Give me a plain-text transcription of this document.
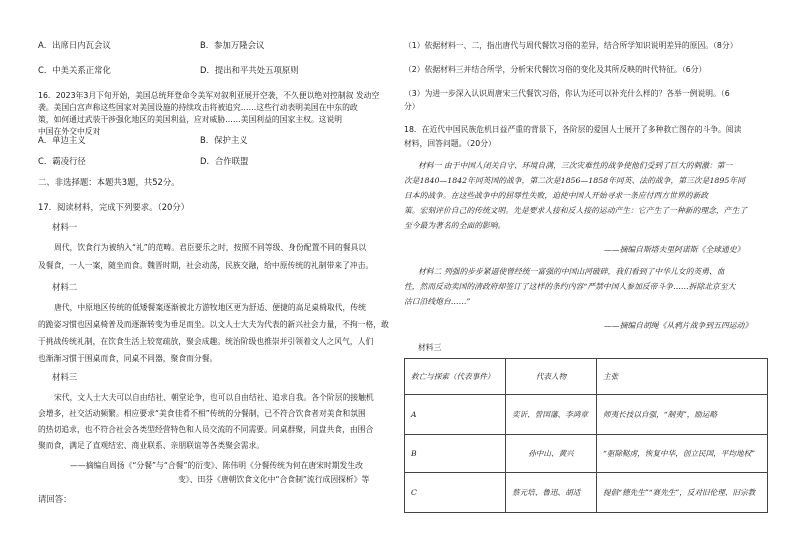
A．出席日内瓦会议	B．参加万隆会议
C．中美关系正常化	D．提出和平共处五项原则
16．2023年3月下旬开始，美国总统拜登命令美军对叙利亚展开空袭，不久便以绝对控制叙 发动空
袭。美国白宫声称这些国家对美国设施的持续攻击将被追究……这些行动表明美国在中东的政
策，如何通过武装干涉强化地区的美国利益，应对威胁……美国利益的国家主权。这说明
中国在外交中反对
A．单边主义	B．保护主义
C．霸凌行径	D．合作联盟
二、非选择题：本题共3题，共52分。
17．阅读材料，完成下列要求。（20分）
材料一
周代，饮食行为被纳入“礼”的范畴。君臣要乐之时，按照不同等级、身份配置不同的餐具以
及餐食，一人一案，随坐而食。魏晋时期，社会动荡，民族交融，给中原传统的礼制带来了冲击。
材料二
唐代，中原地区传统的低矮餐案逐渐被北方游牧地区更为舒适、便捷的高足桌椅取代，传统
的跪姿习惯也因桌椅普及而逐渐转变为垂足而坐。以文人士大夫为代表的新兴社会力量，不拘一格，敢
于挑战传统礼制，在饮食生活上较宽疏放，聚会成趣。统治阶级也推崇并引领着文人之风气，人们
也渐渐习惯于围桌而食，同桌不同器，聚食而分餐。
材料三
宋代，文人士大夫可以自由结社、朝堂论争，也可以自由结社、追求自我。各个阶层的接触机
会增多，社交活动频繁。相应要求“美食佳肴不相”传统的分餐制，已不符合饮食者对美食和氛围
的热切追求，也不符合社会各类型经营特色和人员交流的不同需要。同桌群聚，同盘共食，由围合
聚而食，满足了直观结宏、商业联系、亲朋联谊等各类聚会需求。
——摘编自周扬《“分餐”与“合餐”的衍变》、陈伟明《分餐传统为何在唐宋时期发生改
变》、田芬《唐朝饮食文化中“合食制”流行成因探析》等
请回答：
（1）依据材料一、二，指出唐代与周代餐饮习俗的差异，结合所学知识说明差异的原因。（8分）
（2）依据材料三并结合所学，分析宋代餐饮习俗的变化及其所反映的时代特征。（6分）
（3）为进一步深入认识周唐宋三代餐饮习俗，你认为还可以补充什么样的？各举一例说明。（6
分）
18．在近代中国民族危机日益严重的背景下，各阶层的爱国人士展开了多种救亡图存的斗争。阅读
材料，回答问题。（20分）
材料一 由于中国人闭关自守、环境自满，三次灾难性的战争使他们受到了巨大的刺激：第一
次是1840—1842年同英国的战争，第二次是1856—1858年同英、法的战争，第三次是1895年同
日本的战争。在这些战争中的屈辱性失败，迫使中国人开始寻求一条应付西方世界的新政
策。宏刻评价自己的传统文明。先是要求人接和反人接的运动产生：它产生了一种新的理念，产生了
至今最为著名的全面的影响。
——摘编自斯塔夫里阿诺斯《全球通史》
材料二 列强的步步紧逼使曾经统一富强的中国山河破碎，我们看到了中华儿女的英勇、血
性，然而反动卖国的清政府却签订了这样的条约内容“严禁中国人参加反帝斗争……拆除北京至大
沽口沿线炮台……”
——摘编自胡绳《从鸦片战争到五四运动》
材料三
救亡与探索（代表事件）	代表人物	主张
A	奕䜣、曾国藩、李鸿章	师夷长技以自强，“制夷”，励运略
B	孙中山、黄兴	“驱除鞑虏，恢复中华，创立民国，平均地权”
C	蔡元培、鲁迅、胡适	提倡“德先生”“赛先生”，反对旧伦理、旧宗教
